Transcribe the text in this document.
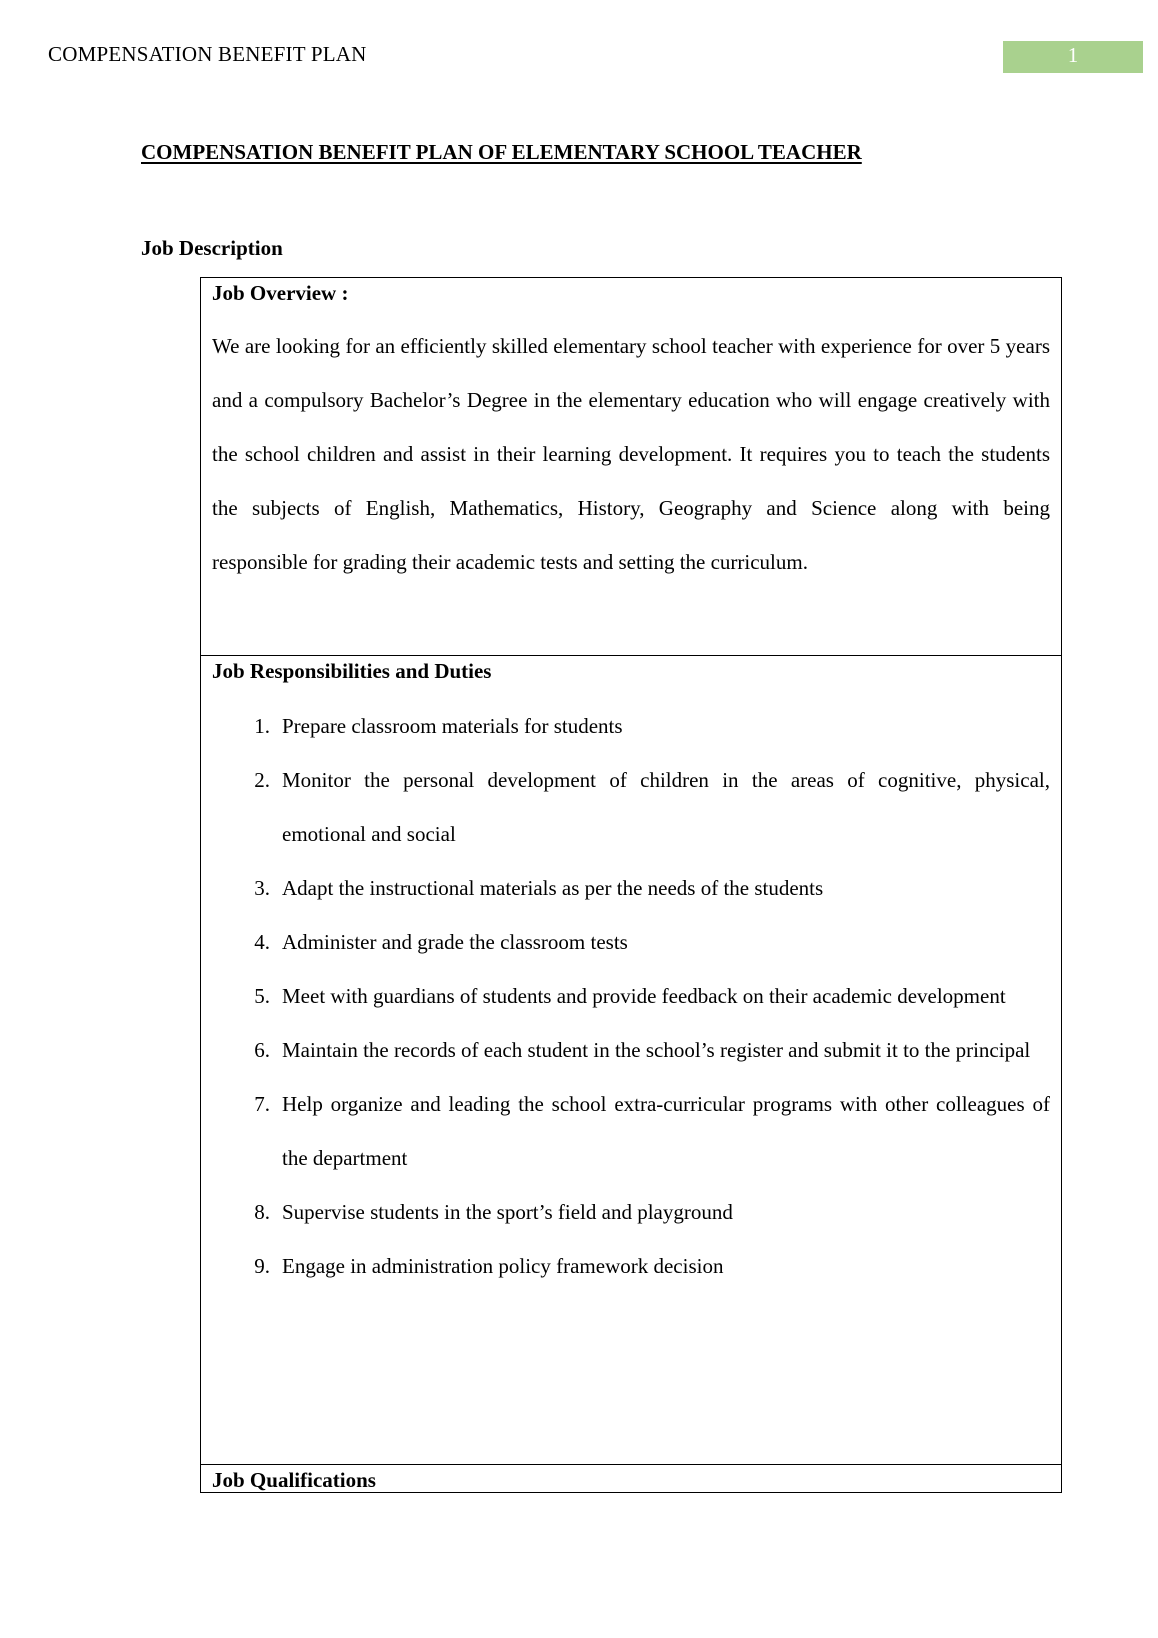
COMPENSATION BENEFIT PLAN	1
COMPENSATION BENEFIT PLAN OF ELEMENTARY SCHOOL TEACHER
Job Description
Job Overview :
We are looking for an efficiently skilled elementary school teacher with experience for over 5 years and a compulsory Bachelor’s Degree in the elementary education who will engage creatively with the school children and assist in their learning development. It requires you to teach the students the subjects of English, Mathematics, History, Geography and Science along with being responsible for grading their academic tests and setting the curriculum.
Job Responsibilities and Duties
1. Prepare classroom materials for students
2. Monitor the personal development of children in the areas of cognitive, physical, emotional and social
3. Adapt the instructional materials as per the needs of the students
4. Administer and grade the classroom tests
5. Meet with guardians of students and provide feedback on their academic development
6. Maintain the records of each student in the school’s register and submit it to the principal
7. Help organize and leading the school extra-curricular programs with other colleagues of the department
8. Supervise students in the sport’s field and playground
9. Engage in administration policy framework decision
Job Qualifications
